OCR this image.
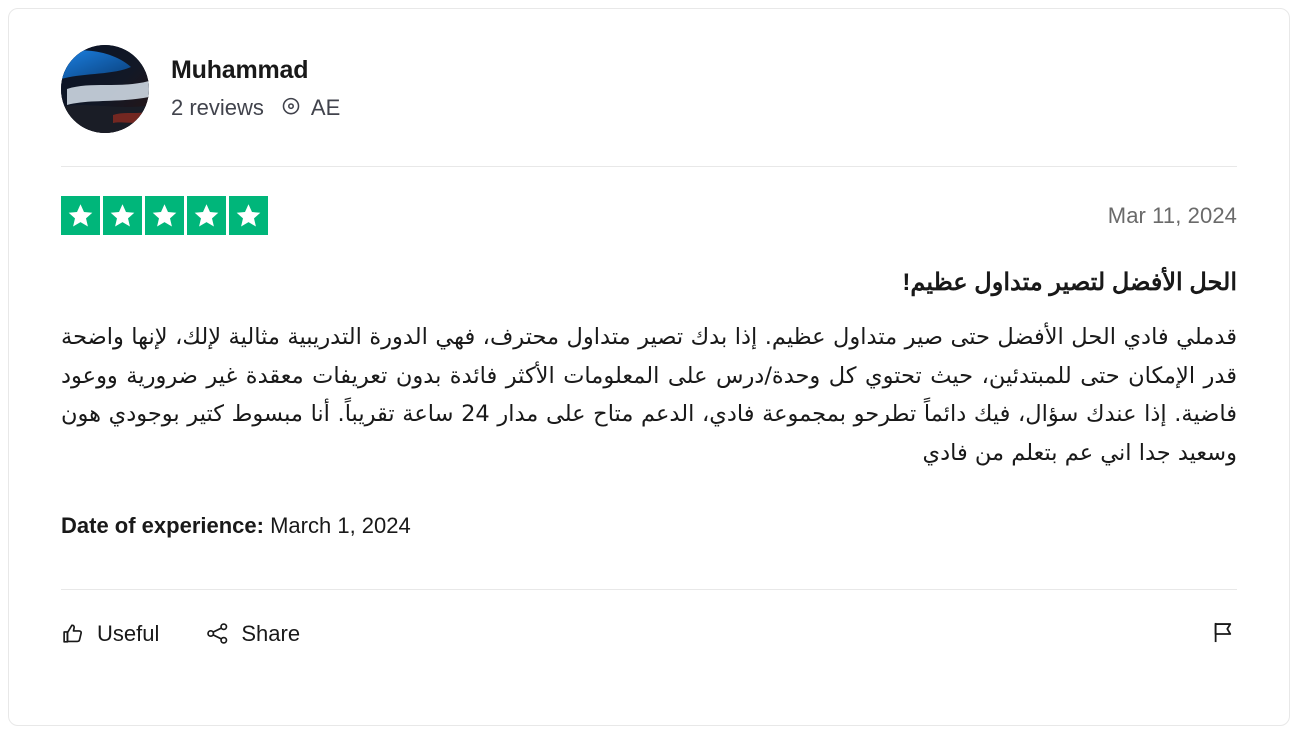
Muhammad
2 reviews AE
Mar 11, 2024
الحل الأفضل لتصير متداول عظيم!

قدملي فادي الحل الأفضل حتى صير متداول عظيم. إذا بدك تصير متداول محترف، فهي الدورة التدريبية مثالية لإلك، لإنها واضحة قدر الإمكان حتى للمبتدئين، حيث تحتوي كل وحدة/درس على المعلومات الأكثر فائدة بدون تعريفات معقدة غير ضرورية ووعود فاضية. إذا عندك سؤال، فيك دائماً تطرحو بمجموعة فادي، الدعم متاح على مدار 24 ساعة تقريباً. أنا مبسوط كتير بوجودي هون وسعيد جدا اني عم بتعلم من فادي

Date of experience: March 1, 2024
Useful	Share
